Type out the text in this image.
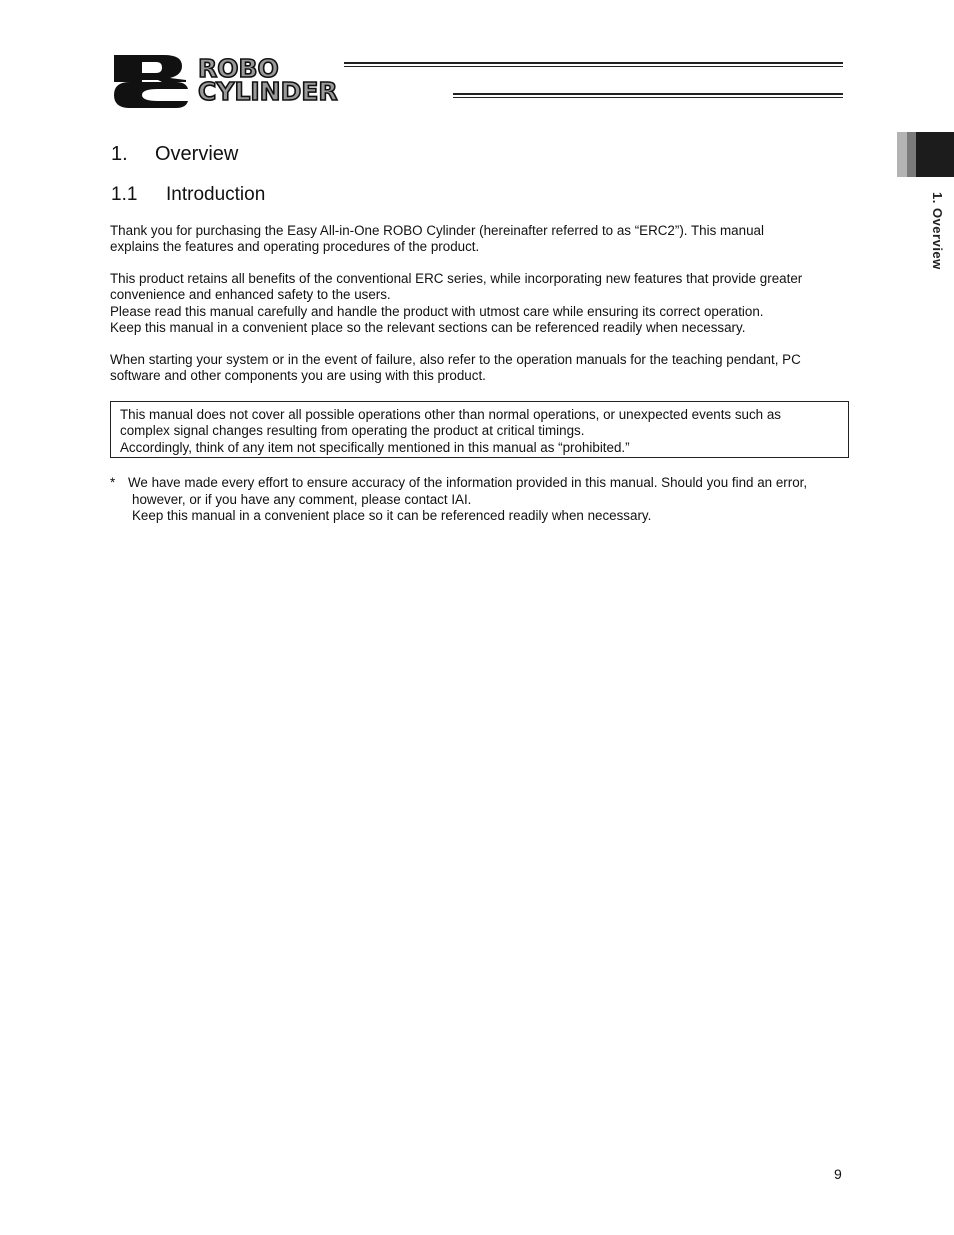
ROBO
CYLINDER
1. Overview
1. Overview
1.1 Introduction
Thank you for purchasing the Easy All-in-One ROBO Cylinder (hereinafter referred to as “ERC2”). This manual
explains the features and operating procedures of the product.
This product retains all benefits of the conventional ERC series, while incorporating new features that provide greater
convenience and enhanced safety to the users.
Please read this manual carefully and handle the product with utmost care while ensuring its correct operation.
Keep this manual in a convenient place so the relevant sections can be referenced readily when necessary.
When starting your system or in the event of failure, also refer to the operation manuals for the teaching pendant, PC
software and other components you are using with this product.
This manual does not cover all possible operations other than normal operations, or unexpected events such as
complex signal changes resulting from operating the product at critical timings.
Accordingly, think of any item not specifically mentioned in this manual as “prohibited.”
* We have made every effort to ensure accuracy of the information provided in this manual. Should you find an error,
however, or if you have any comment, please contact IAI.
Keep this manual in a convenient place so it can be referenced readily when necessary.
9
